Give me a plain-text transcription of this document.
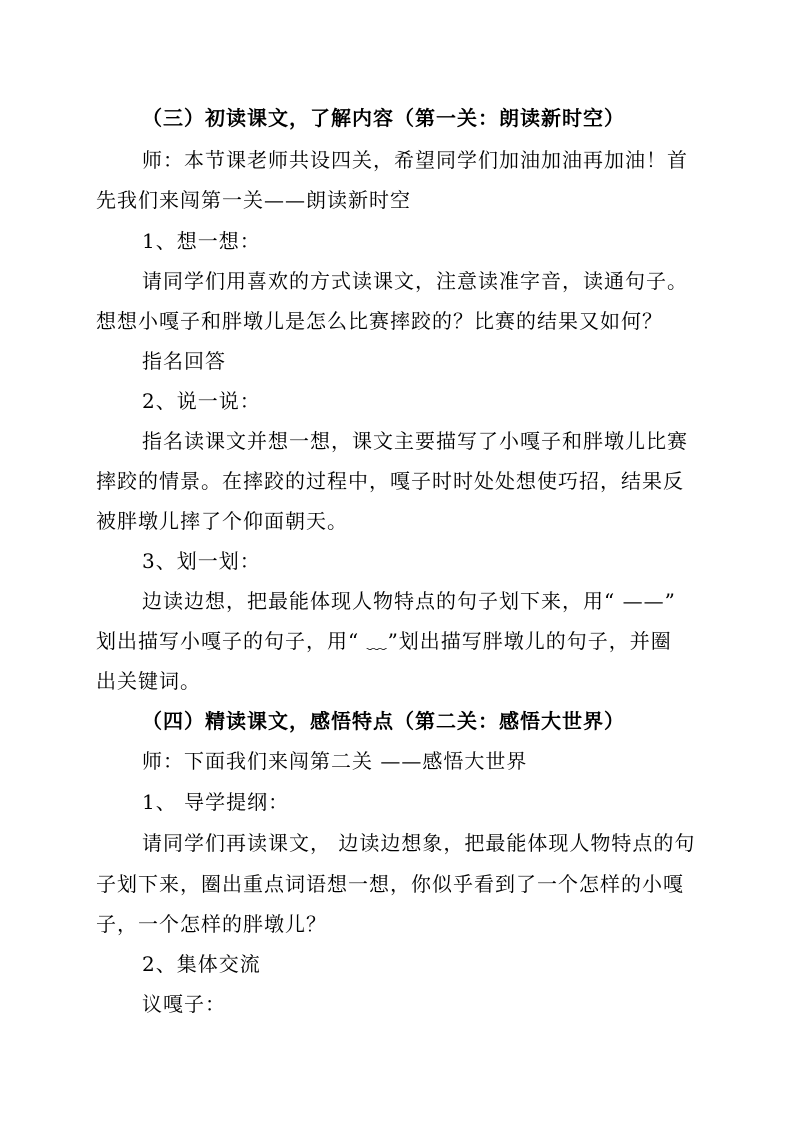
（三）初读课文，了解内容（第一关：朗读新时空）
师：本节课老师共设四关，希望同学们加油加油再加油！首
先我们来闯第一关——朗读新时空
1、想一想：
请同学们用喜欢的方式读课文，注意读准字音，读通句子。
想想小嘎子和胖墩儿是怎么比赛摔跤的？比赛的结果又如何？
指名回答
2、说一说：
指名读课文并想一想，课文主要描写了小嘎子和胖墩儿比赛
摔跤的情景。在摔跤的过程中，嘎子时时处处想使巧招，结果反
被胖墩儿摔了个仰面朝天。
3、划一划：
边读边想，把最能体现人物特点的句子划下来，用“ ——”
划出描写小嘎子的句子，用“ ﹏”划出描写胖墩儿的句子，并圈
出关键词。
（四）精读课文，感悟特点（第二关：感悟大世界）
师：下面我们来闯第二关 ——感悟大世界
1、 导学提纲：
请同学们再读课文， 边读边想象，把最能体现人物特点的句
子划下来，圈出重点词语想一想，你似乎看到了一个怎样的小嘎
子，一个怎样的胖墩儿？
2、集体交流
议嘎子：
